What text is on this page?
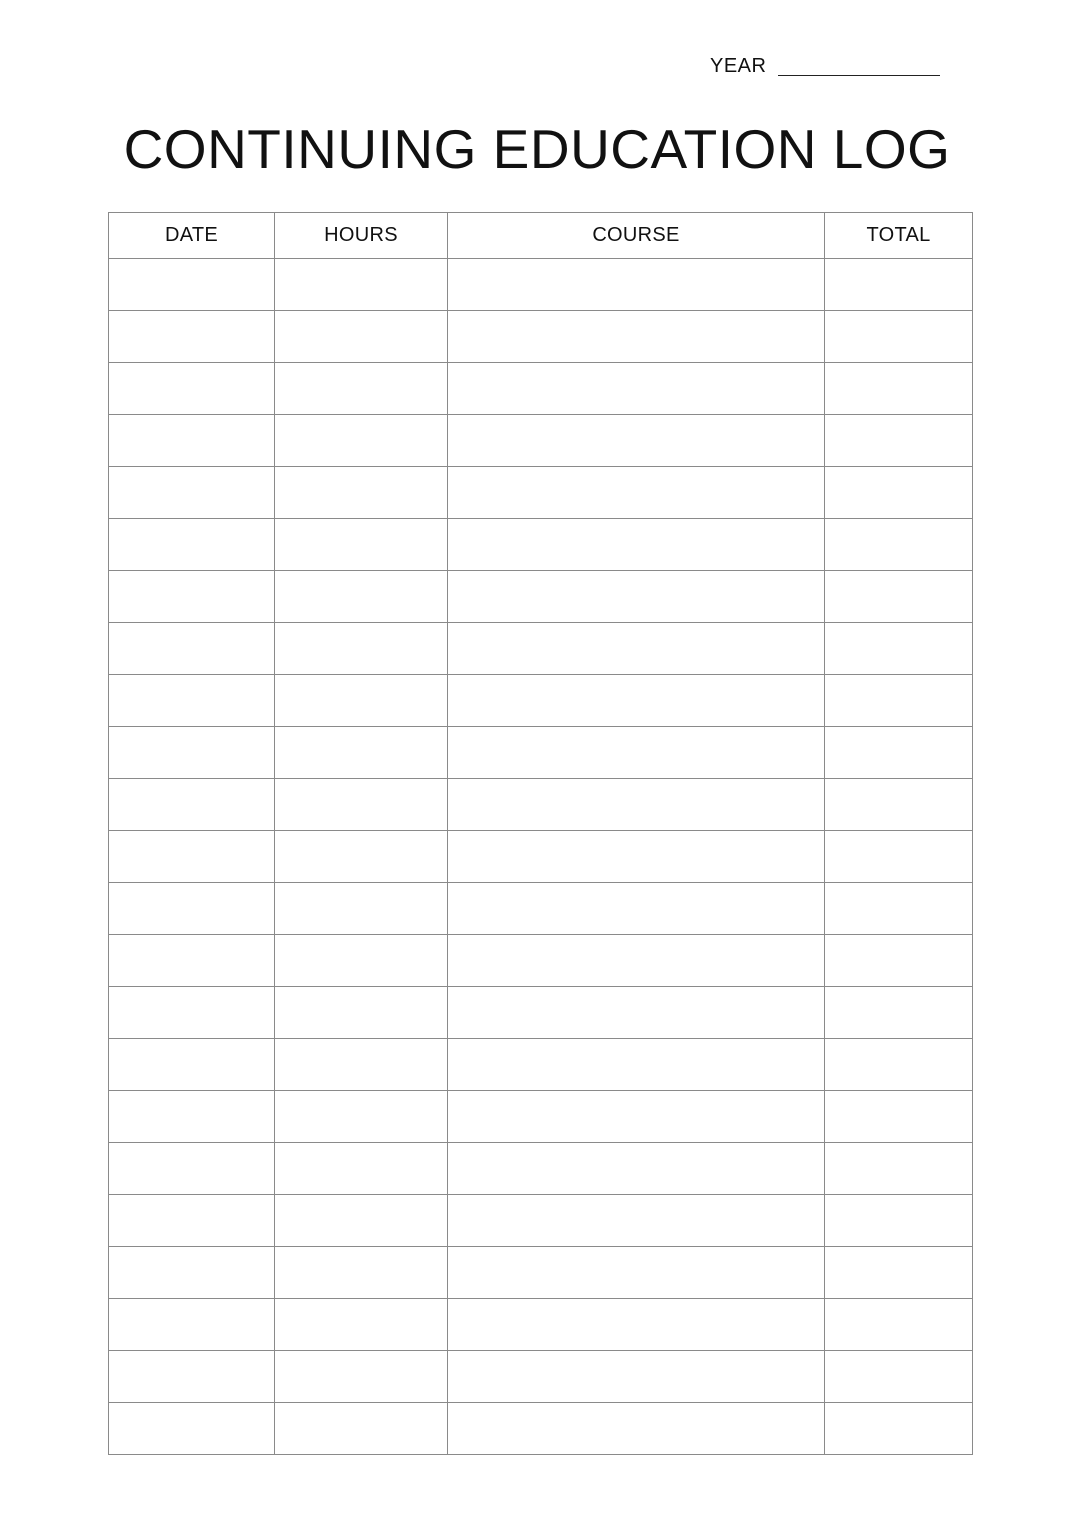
YEAR
CONTINUING EDUCATION LOG
DATE	HOURS	COURSE	TOTAL
